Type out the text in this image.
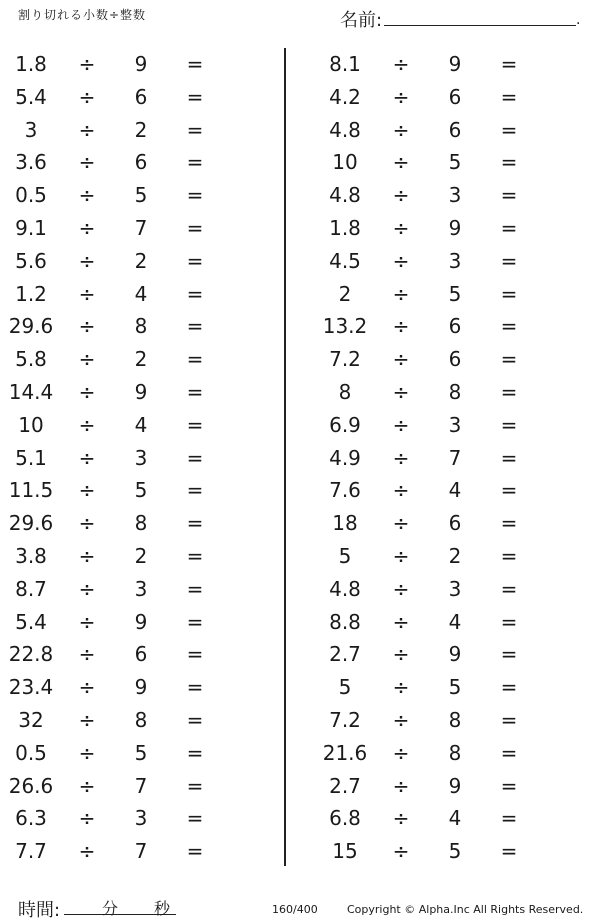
割り切れる小数÷整数	名前:	.
1.8	÷	9	=
5.4	÷	6	=
3	÷	2	=
3.6	÷	6	=
0.5	÷	5	=
9.1	÷	7	=
5.6	÷	2	=
1.2	÷	4	=
29.6	÷	8	=
5.8	÷	2	=
14.4	÷	9	=
10	÷	4	=
5.1	÷	3	=
11.5	÷	5	=
29.6	÷	8	=
3.8	÷	2	=
8.7	÷	3	=
5.4	÷	9	=
22.8	÷	6	=
23.4	÷	9	=
32	÷	8	=
0.5	÷	5	=
26.6	÷	7	=
6.3	÷	3	=
7.7	÷	7	=
8.1	÷	9	=
4.2	÷	6	=
4.8	÷	6	=
10	÷	5	=
4.8	÷	3	=
1.8	÷	9	=
4.5	÷	3	=
2	÷	5	=
13.2	÷	6	=
7.2	÷	6	=
8	÷	8	=
6.9	÷	3	=
4.9	÷	7	=
7.6	÷	4	=
18	÷	6	=
5	÷	2	=
4.8	÷	3	=
8.8	÷	4	=
2.7	÷	9	=
5	÷	5	=
7.2	÷	8	=
21.6	÷	8	=
2.7	÷	9	=
6.8	÷	4	=
15	÷	5	=
時間:	分 秒	160/400	Copyright © Alpha.Inc All Rights Reserved.
